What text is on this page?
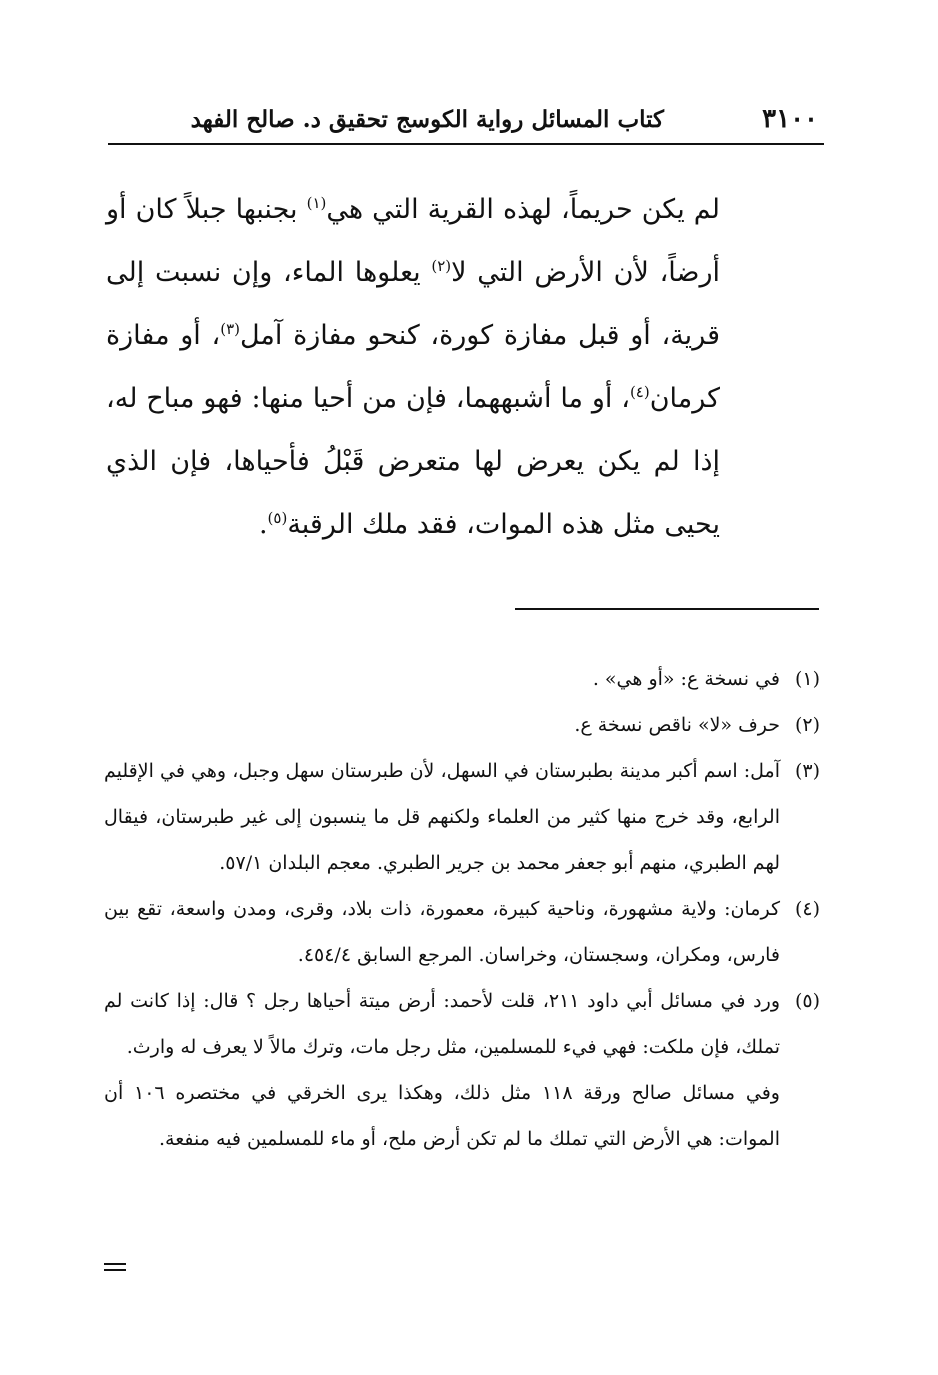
٣١٠٠
كتاب المسائل رواية الكوسج تحقيق د. صالح الفهد

لم يكن حريماً، لهذه القرية التي هي$^{(١)}$ بجنبها جبلاً كان أو أرضاً، لأن الأرض التي لا$^{(٢)}$ يعلوها الماء، وإن نسبت إلى قرية، أو قبل مفازة كورة، كنحو مفازة آمل$^{(٣)}$، أو مفازة كرمان$^{(٤)}$، أو ما أشبههما، فإن من أحيا منها: فهو مباح له، إذا لم يكن يعرض لها متعرض قَبْلُ فأحياها، فإن الذي يحيى مثل هذه الموات، فقد ملك الرقبة$^{(٥)}$.

(١)
في نسخة ع: «أو هي» .
(٢)
حرف «لا» ناقص نسخة ع.
(٣)
آمل: اسم أكبر مدينة بطبرستان في السهل، لأن طبرستان سهل وجبل، وهي في الإقليم الرابع، وقد خرج منها كثير من العلماء ولكنهم قل ما ينسبون إلى غير طبرستان، فيقال لهم الطبري، منهم أبو جعفر محمد بن جرير الطبري. معجم البلدان ٥٧/١.
(٤)
كرمان: ولاية مشهورة، وناحية كبيرة، معمورة، ذات بلاد، وقرى، ومدن واسعة، تقع بين فارس، ومكران، وسجستان، وخراسان. المرجع السابق ٤٥٤/٤.
(٥)
ورد في مسائل أبي داود ٢١١، قلت لأحمد: أرض ميتة أحياها رجل ؟ قال: إذا كانت لم تملك، فإن ملكت: فهي فيء للمسلمين، مثل رجل مات، وترك مالاً لا يعرف له وارث.
وفي مسائل صالح ورقة ١١٨ مثل ذلك، وهكذا يرى الخرقي في مختصره ١٠٦ أن الموات: هي الأرض التي تملك ما لم تكن أرض ملح، أو ماء للمسلمين فيه منفعة.
